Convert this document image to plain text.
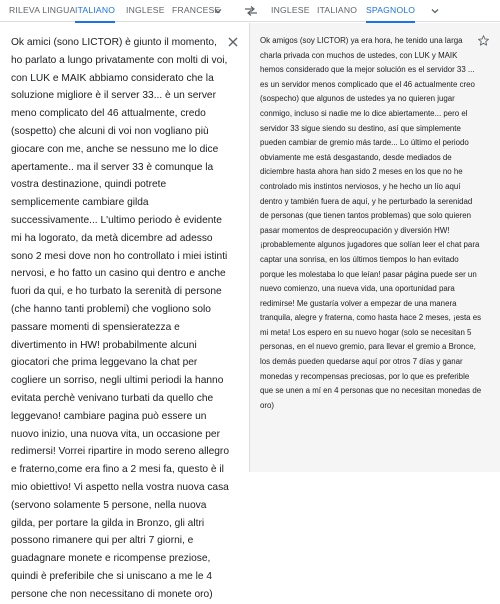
RILEVA LINGUA ITALIANO INGLESE FRANCESE	INGLESE ITALIANO SPAGNOLO
Ok amici (sono LICTOR) è giunto il momento, ho parlato a lungo privatamente con molti di voi, con LUK e MAIK abbiamo considerato che la soluzione migliore è il server 33... è un server meno complicato del 46 attualmente, credo (sospetto) che alcuni di voi non vogliano più giocare con me, anche se nessuno me lo dice apertamente.. ma il server 33 è comunque la vostra destinazione, quindi potrete semplicemente cambiare gilda successivamente... L'ultimo periodo è evidente mi ha logorato, da metà dicembre ad adesso sono 2 mesi dove non ho controllato i miei istinti nervosi, e ho fatto un casino qui dentro e anche fuori da qui, e ho turbato la serenità di persone (che hanno tanti problemi) che vogliono solo passare momenti di spensieratezza e divertimento in HW! probabilmente alcuni giocatori che prima leggevano la chat per cogliere un sorriso, negli ultimi periodi la hanno evitata perchè venivano turbati da quello che leggevano! cambiare pagina può essere un nuovo inizio, una nuova vita, un occasione per redimersi! Vorrei ripartire in modo sereno allegro e fraterno,come era fino a 2 mesi fa, questo è il mio obiettivo! Vi aspetto nella vostra nuova casa (servono solamente 5 persone, nella nuova gilda, per portare la gilda in Bronzo, gli altri possono rimanere qui per altri 7 giorni, e guadagnare monete e ricompense preziose, quindi è preferibile che si uniscano a me le 4 persone che non necessitano di monete oro)
Ok amigos (soy LICTOR) ya era hora, he tenido una larga charla privada con muchos de ustedes, con LUK y MAIK hemos considerado que la mejor solución es el servidor 33 ... es un servidor menos complicado que el 46 actualmente creo (sospecho) que algunos de ustedes ya no quieren jugar conmigo, incluso si nadie me lo dice abiertamente... pero el servidor 33 sigue siendo su destino, así que simplemente pueden cambiar de gremio más tarde... Lo último el periodo obviamente me está desgastando, desde mediados de diciembre hasta ahora han sido 2 meses en los que no he controlado mis instintos nerviosos, y he hecho un lío aquí dentro y también fuera de aquí, y he perturbado la serenidad de personas (que tienen tantos problemas) que solo quieren pasar momentos de despreocupación y diversión HW! ¡probablemente algunos jugadores que solían leer el chat para captar una sonrisa, en los últimos tiempos lo han evitado porque les molestaba lo que leían! pasar página puede ser un nuevo comienzo, una nueva vida, una oportunidad para redimirse! Me gustaría volver a empezar de una manera tranquila, alegre y fraterna, como hasta hace 2 meses, ¡esta es mi meta! Los espero en su nuevo hogar (solo se necesitan 5 personas, en el nuevo gremio, para llevar el gremio a Bronce, los demás pueden quedarse aquí por otros 7 días y ganar monedas y recompensas preciosas, por lo que es preferible que se unen a mí en 4 personas que no necesitan monedas de oro)
